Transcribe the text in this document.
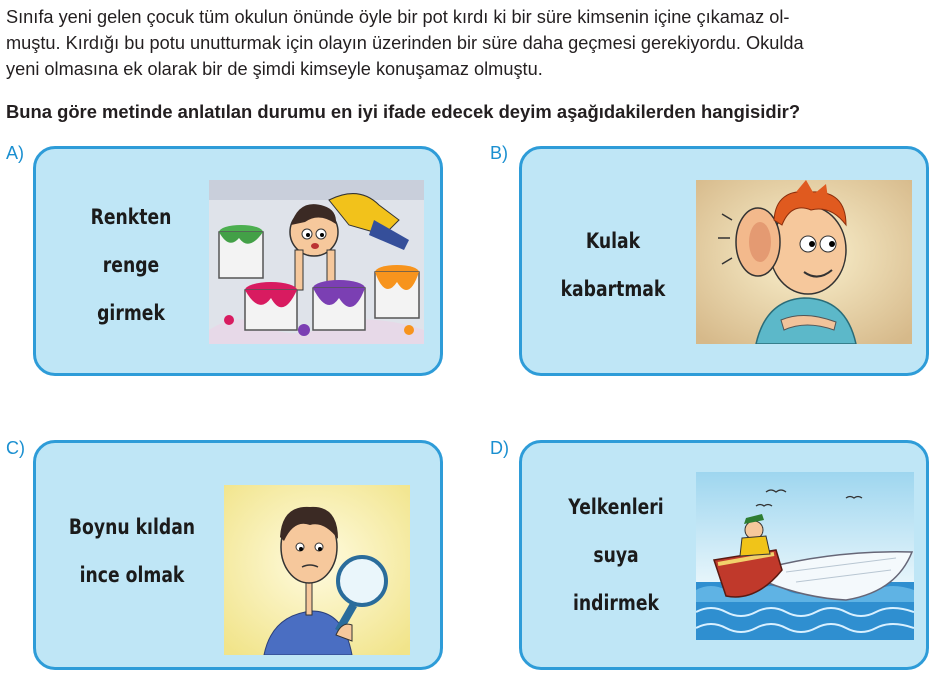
Sınıfa yeni gelen çocuk tüm okulun önünde öyle bir pot kırdı ki bir süre kimsenin içine çıkamaz ol-
muştu. Kırdığı bu potu unutturmak için olayın üzerinden bir süre daha geçmesi gerekiyordu. Okulda
yeni olmasına ek olarak bir de şimdi kimseyle konuşamaz olmuştu.

Buna göre metinde anlatılan durumu en iyi ifade edecek deyim aşağıdakilerden hangisidir?

A)
Renkten renge
girmek
B)
Kulak
kabartmak
C)
Boynu kıldan
ince olmak
D)
Yelkenleri
suya
indirmek
